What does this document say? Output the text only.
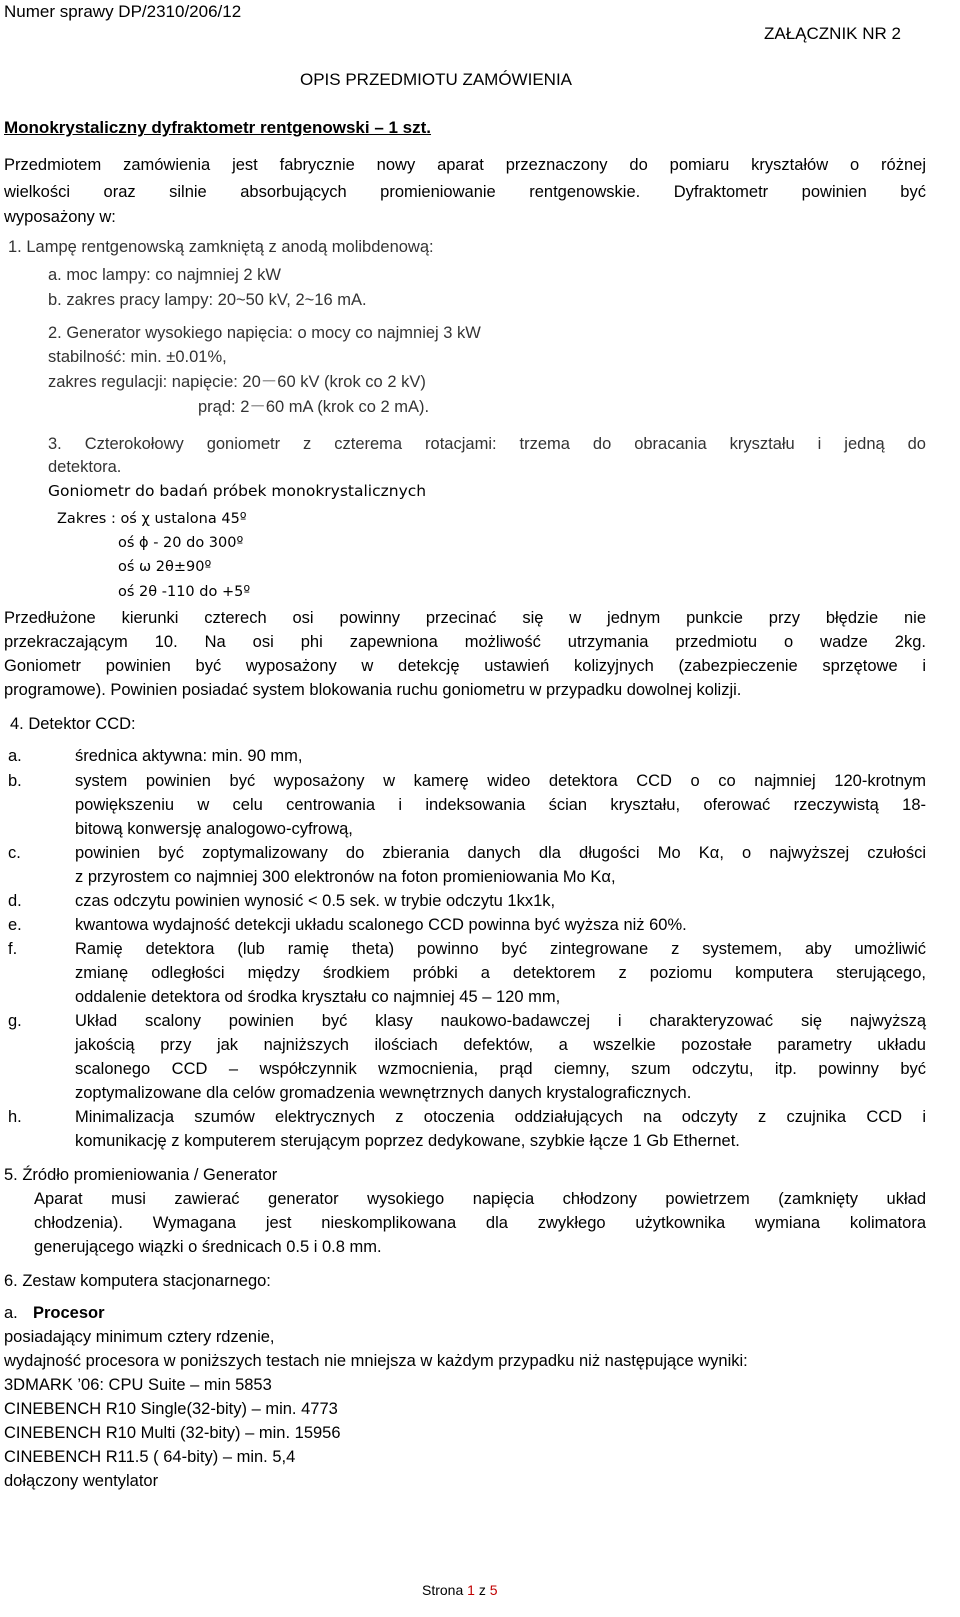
Numer sprawy DP/2310/206/12
ZAŁĄCZNIK NR 2
OPIS PRZEDMIOTU ZAMÓWIENIA
Monokrystaliczny dyfraktometr rentgenowski – 1 szt.
Przedmiotem zamówienia jest fabrycznie nowy aparat przeznaczony do pomiaru kryształów o różnej
wielkości oraz silnie absorbujących promieniowanie rentgenowskie. Dyfraktometr powinien być
wyposażony w:
1. Lampę rentgenowską zamkniętą z anodą molibdenową:
a. moc lampy: co najmniej 2 kW
b. zakres pracy lampy: 20~50 kV, 2~16 mA.
2. Generator wysokiego napięcia: o mocy co najmniej 3 kW
stabilność: min. ±0.01%,
zakres regulacji: napięcie: 20－60 kV (krok co 2 kV)
prąd: 2－60 mA (krok co 2 mA).
3. Czterokołowy goniometr z czterema rotacjami: trzema do obracania kryształu i jedną do
detektora.
Goniometr do badań próbek monokrystalicznych
Zakres : oś χ ustalona 45º
oś ϕ - 20 do 300º
oś ω 2θ±90º
oś 2θ -110 do +5º
Przedłużone kierunki czterech osi powinny przecinać się w jednym punkcie przy błędzie nie
przekraczającym 10. Na osi phi zapewniona możliwość utrzymania przedmiotu o wadze 2kg.
Goniometr powinien być wyposażony w detekcję ustawień kolizyjnych (zabezpieczenie sprzętowe i
programowe). Powinien posiadać system blokowania ruchu goniometru w przypadku dowolnej kolizji.
4. Detektor CCD:
a.	średnica aktywna: min. 90 mm,
b.	system powinien być wyposażony w kamerę wideo detektora CCD o co najmniej 120-krotnym
powiększeniu w celu centrowania i indeksowania ścian kryształu, oferować rzeczywistą 18-
bitową konwersję analogowo-cyfrową,
c.	powinien być zoptymalizowany do zbierania danych dla długości Mo Kα, o najwyższej czułości
z przyrostem co najmniej 300 elektronów na foton promieniowania Mo Kα,
d.	czas odczytu powinien wynosić < 0.5 sek. w trybie odczytu 1kx1k,
e.	kwantowa wydajność detekcji układu scalonego CCD powinna być wyższa niż 60%.
f.	Ramię detektora (lub ramię theta) powinno być zintegrowane z systemem, aby umożliwić
zmianę odległości między środkiem próbki a detektorem z poziomu komputera sterującego,
oddalenie detektora od środka kryształu co najmniej 45 – 120 mm,
g.	Układ scalony powinien być klasy naukowo-badawczej i charakteryzować się najwyższą
jakością przy jak najniższych ilościach defektów, a wszelkie pozostałe parametry układu
scalonego CCD – współczynnik wzmocnienia, prąd ciemny, szum odczytu, itp. powinny być
zoptymalizowane dla celów gromadzenia wewnętrznych danych krystalograficznych.
h.	Minimalizacja szumów elektrycznych z otoczenia oddziałujących na odczyty z czujnika CCD i
komunikację z komputerem sterującym poprzez dedykowane, szybkie łącze 1 Gb Ethernet.
5. Źródło promieniowania / Generator
Aparat musi zawierać generator wysokiego napięcia chłodzony powietrzem (zamknięty układ
chłodzenia). Wymagana jest nieskomplikowana dla zwykłego użytkownika wymiana kolimatora
generującego wiązki o średnicach 0.5 i 0.8 mm.
6. Zestaw komputera stacjonarnego:
a. Procesor
posiadający minimum cztery rdzenie,
wydajność procesora w poniższych testach nie mniejsza w każdym przypadku niż następujące wyniki:
3DMARK ’06: CPU Suite – min 5853
CINEBENCH R10 Single(32-bity) – min. 4773
CINEBENCH R10 Multi (32-bity) – min. 15956
CINEBENCH R11.5 ( 64-bity) – min. 5,4
dołączony wentylator
Strona 1 z 5
